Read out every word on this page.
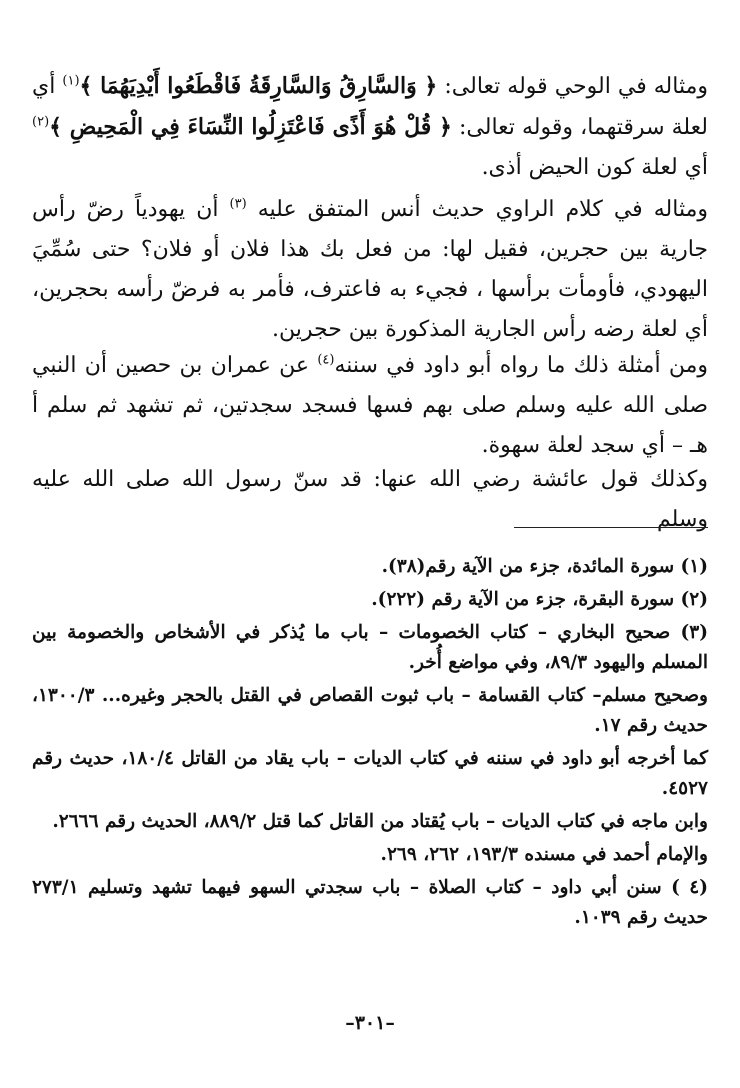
ومثاله في الوحي قوله تعالى: ﴿ وَالسَّارِقُ وَالسَّارِقَةُ فَاقْطَعُوا أَيْدِيَهُمَا ﴾$^{(١)}$ أي لعلة سرقتهما، وقوله تعالى: ﴿ قُلْ هُوَ أَذًى فَاعْتَزِلُوا النِّسَاءَ فِي الْمَحِيضِ ﴾$^{(٢)}$ أي لعلة كون الحيض أذى.

ومثاله في كلام الراوي حديث أنس المتفق عليه $^{(٣)}$ أن يهودياً رضّ رأس جارية بين حجرين، فقيل لها: من فعل بك هذا فلان أو فلان؟ حتى سُمِّيَ اليهودي، فأومأت برأسها ، فجيء به فاعترف، فأمر به فرضّ رأسه بحجرين، أي لعلة رضه رأس الجارية المذكورة بين حجرين.

ومن أمثلة ذلك ما رواه أبو داود في سننه$^{(٤)}$ عن عمران بن حصين أن النبي صلى الله عليه وسلم صلى بهم فسها فسجد سجدتين، ثم تشهد ثم سلم أ هـ – أي سجد لعلة سهوة.

وكذلك قول عائشة رضي الله عنها: قد سنّ رسول الله صلى الله عليه وسلم

(١) سورة المائدة، جزء من الآية رقم(٣٨).

(٢) سورة البقرة، جزء من الآية رقم (٢٢٢).

(٣) صحيح البخاري – كتاب الخصومات – باب ما يُذكر في الأشخاص والخصومة بين المسلم واليهود ٨٩/٣، وفي مواضع أُخر.

وصحيح مسلم– كتاب القسامة – باب ثبوت القصاص في القتل بالحجر وغيره... ١٣٠٠/٣، حديث رقم ١٧.

كما أخرجه أبو داود في سننه في كتاب الديات – باب يقاد من القاتل ١٨٠/٤، حديث رقم ٤٥٢٧.

وابن ماجه في كتاب الديات – باب يُقتاد من القاتل كما قتل ٨٨٩/٢، الحديث رقم ٢٦٦٦.

والإمام أحمد في مسنده ١٩٣/٣، ٢٦٢، ٢٦٩.

(٤ ) سنن أبي داود – كتاب الصلاة – باب سجدتي السهو فيهما تشهد وتسليم ٢٧٣/١ حديث رقم ١٠٣٩.

–٣٠١–
